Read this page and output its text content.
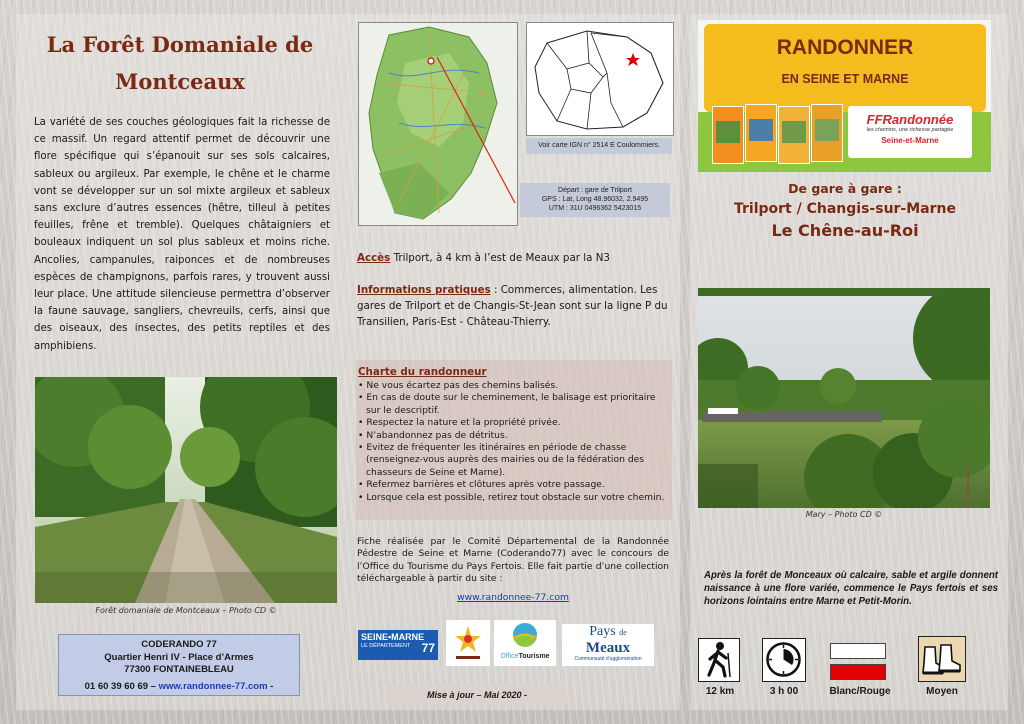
La Forêt Domaniale de
Montceaux
La variété de ses couches géologiques fait la richesse de ce massif. Un regard attentif permet de découvrir une flore spécifique qui s’épanouit sur ses sols calcaires, sableux ou argileux. Par exemple, le chêne et le charme vont se développer sur un sol mixte argileux et sableux sans exclure d’autres essences (hêtre, tilleul à petites feuilles, frêne et tremble). Quelques châtaigniers et bouleaux indiquent un sol plus sableux et moins riche. Ancolies, campanules, raiponces et de nombreuses espèces de champignons, parfois rares, y trouvent aussi leur place. Une attitude silencieuse permettra d’observer la faune sauvage, sangliers, chevreuils, cerfs, ainsi que des oiseaux, des insectes, des petits reptiles et des amphibiens.
Forêt domaniale de Montceaux – Photo CD ©
CODERANDO 77
Quartier Henri IV - Place d’Armes
77300 FONTAINEBLEAU
01 60 39 60 69 – www.randonnee-77.com -
Voir carte IGN n° 2514 E Coulommiers.
Départ : gare de Trilport
GPS : Lat, Long 48.96032, 2.9495
UTM : 31U 0496362 5423015
Accès Trilport, à 4 km à l’est de Meaux par la N3
Informations pratiques : Commerces, alimentation. Les gares de Trilport et de Changis-St-Jean sont sur la ligne P du Transilien, Paris-Est - Château-Thierry.
Charte du randonneur
• Ne vous écartez pas des chemins balisés.
• En cas de doute sur le cheminement, le balisage est prioritaire sur le descriptif.
• Respectez la nature et la propriété privée.
• N’abandonnez pas de détritus.
• Evitez de fréquenter les itinéraires en période de chasse (renseignez-vous auprès des mairies ou de la fédération des chasseurs de Seine et Marne).
• Refermez barrières et clôtures après votre passage.
• Lorsque cela est possible, retirez tout obstacle sur votre chemin.
Fiche réalisée par le Comité Départemental de la Randonnée Pédestre de Seine et Marne (Coderando77) avec le concours de l’Office du Tourisme du Pays Fertois. Elle fait partie d’une collection téléchargeable à partir du site :
www.randonnee-77.com
SEINE•MARNE
77
LE DÉPARTEMENT
OfficeTourisme
Pays de
Meaux
Communauté d’agglomération
Mise à jour – Mai 2020 -
RANDONNER
EN SEINE ET MARNE
FFRandonnée
les chemins, une richesse partagée
Seine-et-Marne
De gare à gare :
Trilport / Changis-sur-Marne
Le Chêne-au-Roi
Mary – Photo CD ©
Après la forêt de Monceaux où calcaire, sable et argile donnent naissance à une flore variée, commence le Pays fertois et ses horizons lointains entre Marne et Petit-Morin.
12 km	3 h 00	Blanc/Rouge	Moyen
